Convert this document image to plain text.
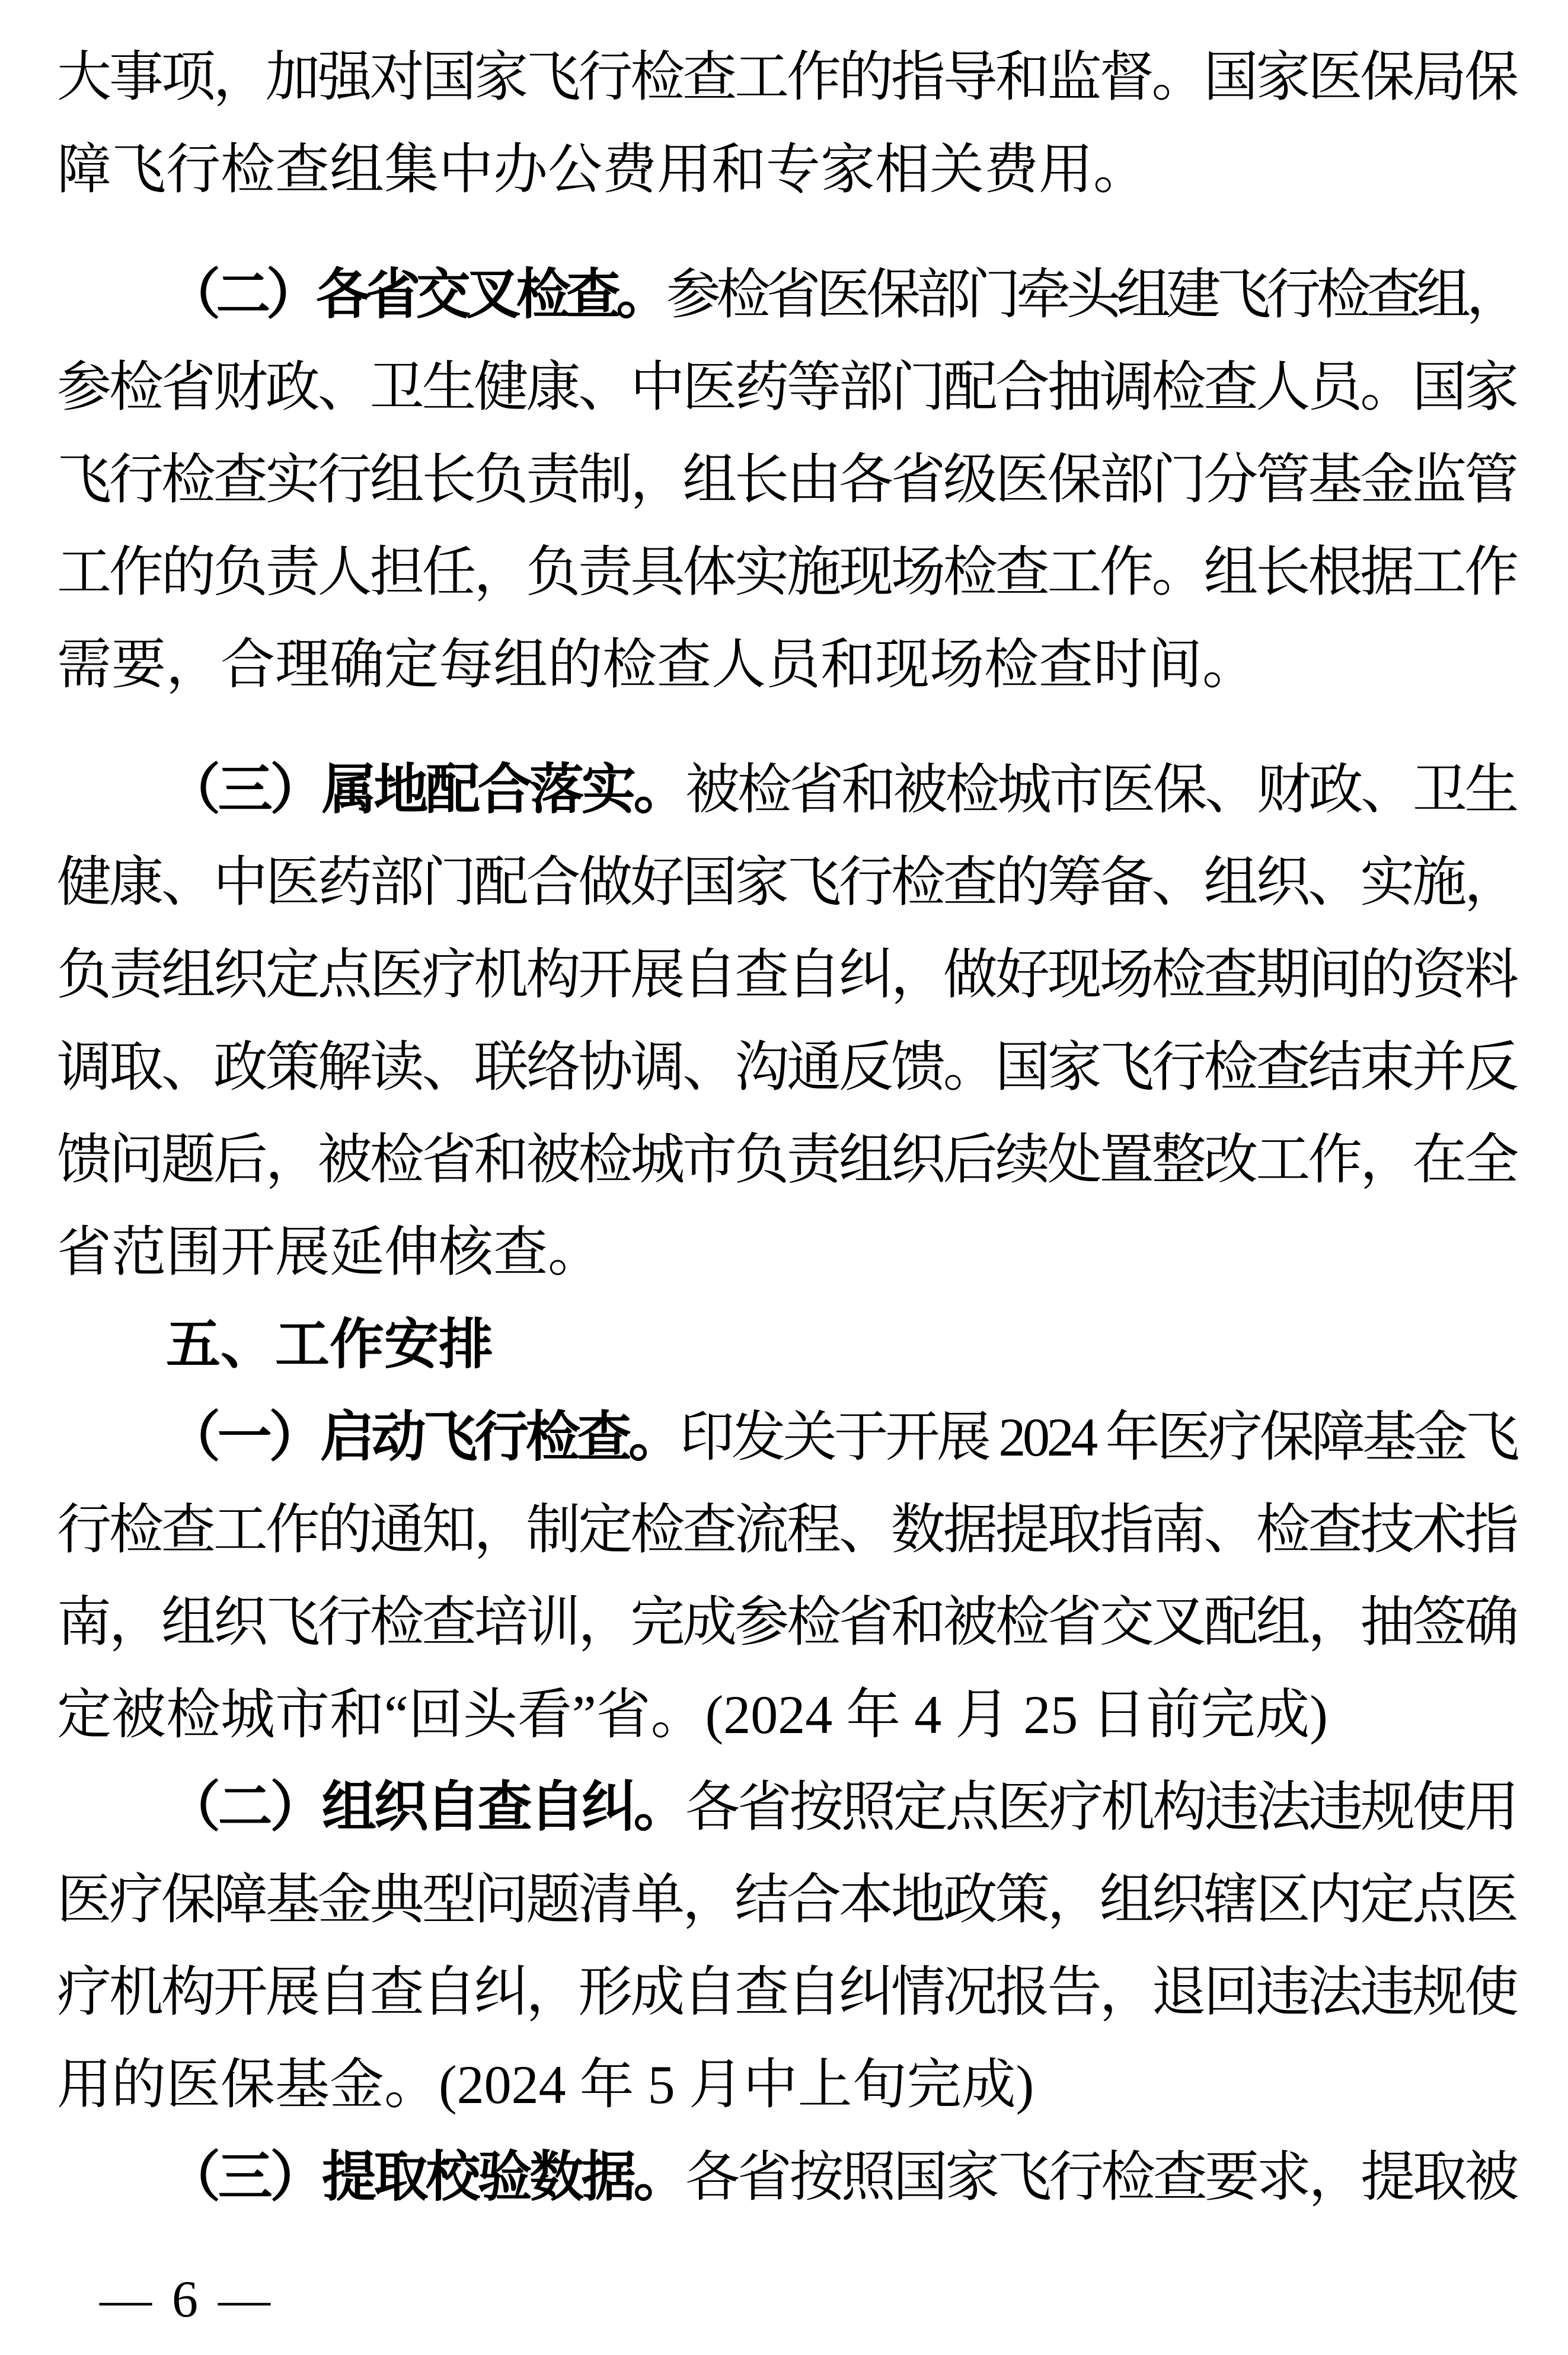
大事项，加强对国家飞行检查工作的指导和监督。国家医保局保
障飞行检查组集中办公费用和专家相关费用。
（二）各省交叉检查。参检省医保部门牵头组建飞行检查组，
参检省财政、卫生健康、中医药等部门配合抽调检查人员。国家
飞行检查实行组长负责制，组长由各省级医保部门分管基金监管
工作的负责人担任，负责具体实施现场检查工作。组长根据工作
需要，合理确定每组的检查人员和现场检查时间。
（三）属地配合落实。被检省和被检城市医保、财政、卫生
健康、中医药部门配合做好国家飞行检查的筹备、组织、实施，
负责组织定点医疗机构开展自查自纠，做好现场检查期间的资料
调取、政策解读、联络协调、沟通反馈。国家飞行检查结束并反
馈问题后，被检省和被检城市负责组织后续处置整改工作，在全
省范围开展延伸核查。
五、工作安排
（一）启动飞行检查。印发关于开展 2024 年医疗保障基金飞
行检查工作的通知，制定检查流程、数据提取指南、检查技术指
南，组织飞行检查培训，完成参检省和被检省交叉配组，抽签确
定被检城市和“回头看”省。(2024 年 4 月 25 日前完成)
（二）组织自查自纠。各省按照定点医疗机构违法违规使用
医疗保障基金典型问题清单，结合本地政策，组织辖区内定点医
疗机构开展自查自纠，形成自查自纠情况报告，退回违法违规使
用的医保基金。(2024 年 5 月中上旬完成)
（三）提取校验数据。各省按照国家飞行检查要求，提取被
— 6 —
